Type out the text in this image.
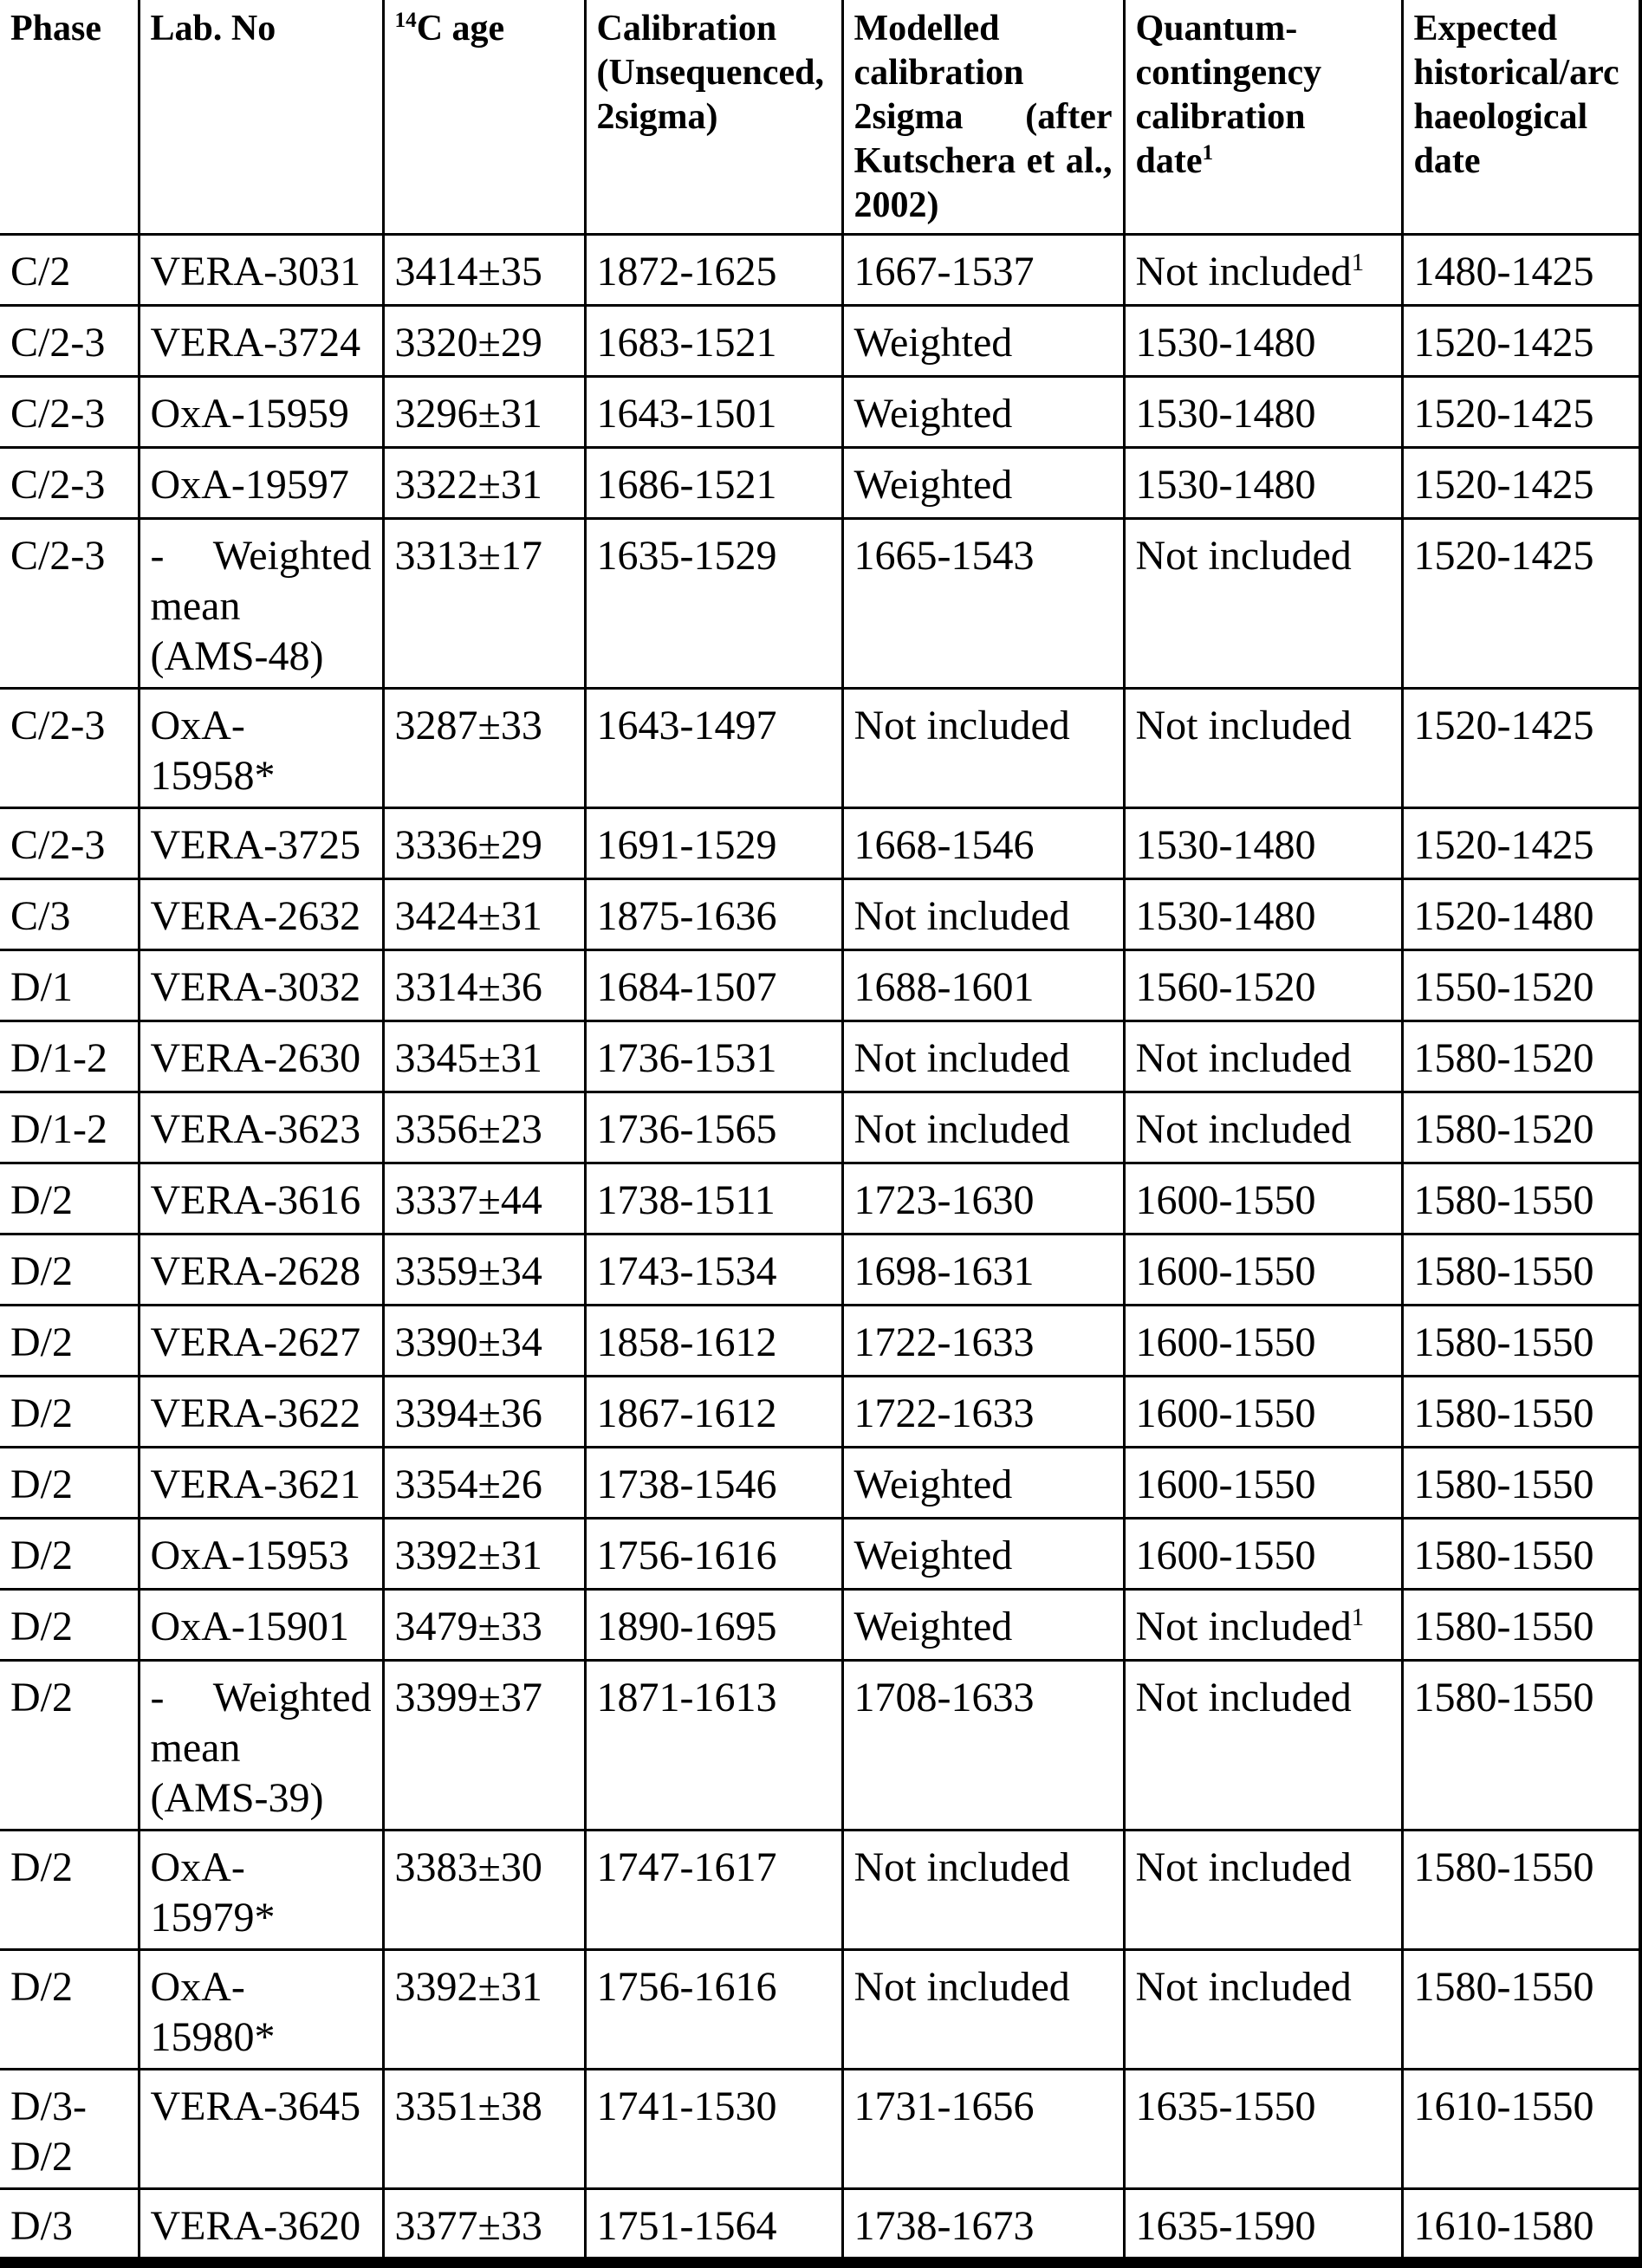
Phase	Lab. No	$^{14}$C age	Calibration
(Unsequenced,
2sigma)	Modelled
calibration
2sigma (after
Kutschera et al.,
2002)	Quantum-
contingency
calibration
date$^1$	Expected
historical/arc
haeological
date
C/2	VERA-3031	3414±35	1872-1625	1667-1537	Not included$^1$	1480-1425
C/2-3	VERA-3724	3320±29	1683-1521	Weighted	1530-1480	1520-1425
C/2-3	OxA-15959	3296±31	1643-1501	Weighted	1530-1480	1520-1425
C/2-3	OxA-19597	3322±31	1686-1521	Weighted	1530-1480	1520-1425
C/2-3	- Weighted
mean
(AMS-48)	3313±17	1635-1529	1665-1543	Not included	1520-1425
C/2-3	OxA-
15958*	3287±33	1643-1497	Not included	Not included	1520-1425
C/2-3	VERA-3725	3336±29	1691-1529	1668-1546	1530-1480	1520-1425
C/3	VERA-2632	3424±31	1875-1636	Not included	1530-1480	1520-1480
D/1	VERA-3032	3314±36	1684-1507	1688-1601	1560-1520	1550-1520
D/1-2	VERA-2630	3345±31	1736-1531	Not included	Not included	1580-1520
D/1-2	VERA-3623	3356±23	1736-1565	Not included	Not included	1580-1520
D/2	VERA-3616	3337±44	1738-1511	1723-1630	1600-1550	1580-1550
D/2	VERA-2628	3359±34	1743-1534	1698-1631	1600-1550	1580-1550
D/2	VERA-2627	3390±34	1858-1612	1722-1633	1600-1550	1580-1550
D/2	VERA-3622	3394±36	1867-1612	1722-1633	1600-1550	1580-1550
D/2	VERA-3621	3354±26	1738-1546	Weighted	1600-1550	1580-1550
D/2	OxA-15953	3392±31	1756-1616	Weighted	1600-1550	1580-1550
D/2	OxA-15901	3479±33	1890-1695	Weighted	Not included$^1$	1580-1550
D/2	- Weighted
mean
(AMS-39)	3399±37	1871-1613	1708-1633	Not included	1580-1550
D/2	OxA-
15979*	3383±30	1747-1617	Not included	Not included	1580-1550
D/2	OxA-
15980*	3392±31	1756-1616	Not included	Not included	1580-1550
D/3-
D/2	VERA-3645	3351±38	1741-1530	1731-1656	1635-1550	1610-1550
D/3	VERA-3620	3377±33	1751-1564	1738-1673	1635-1590	1610-1580
